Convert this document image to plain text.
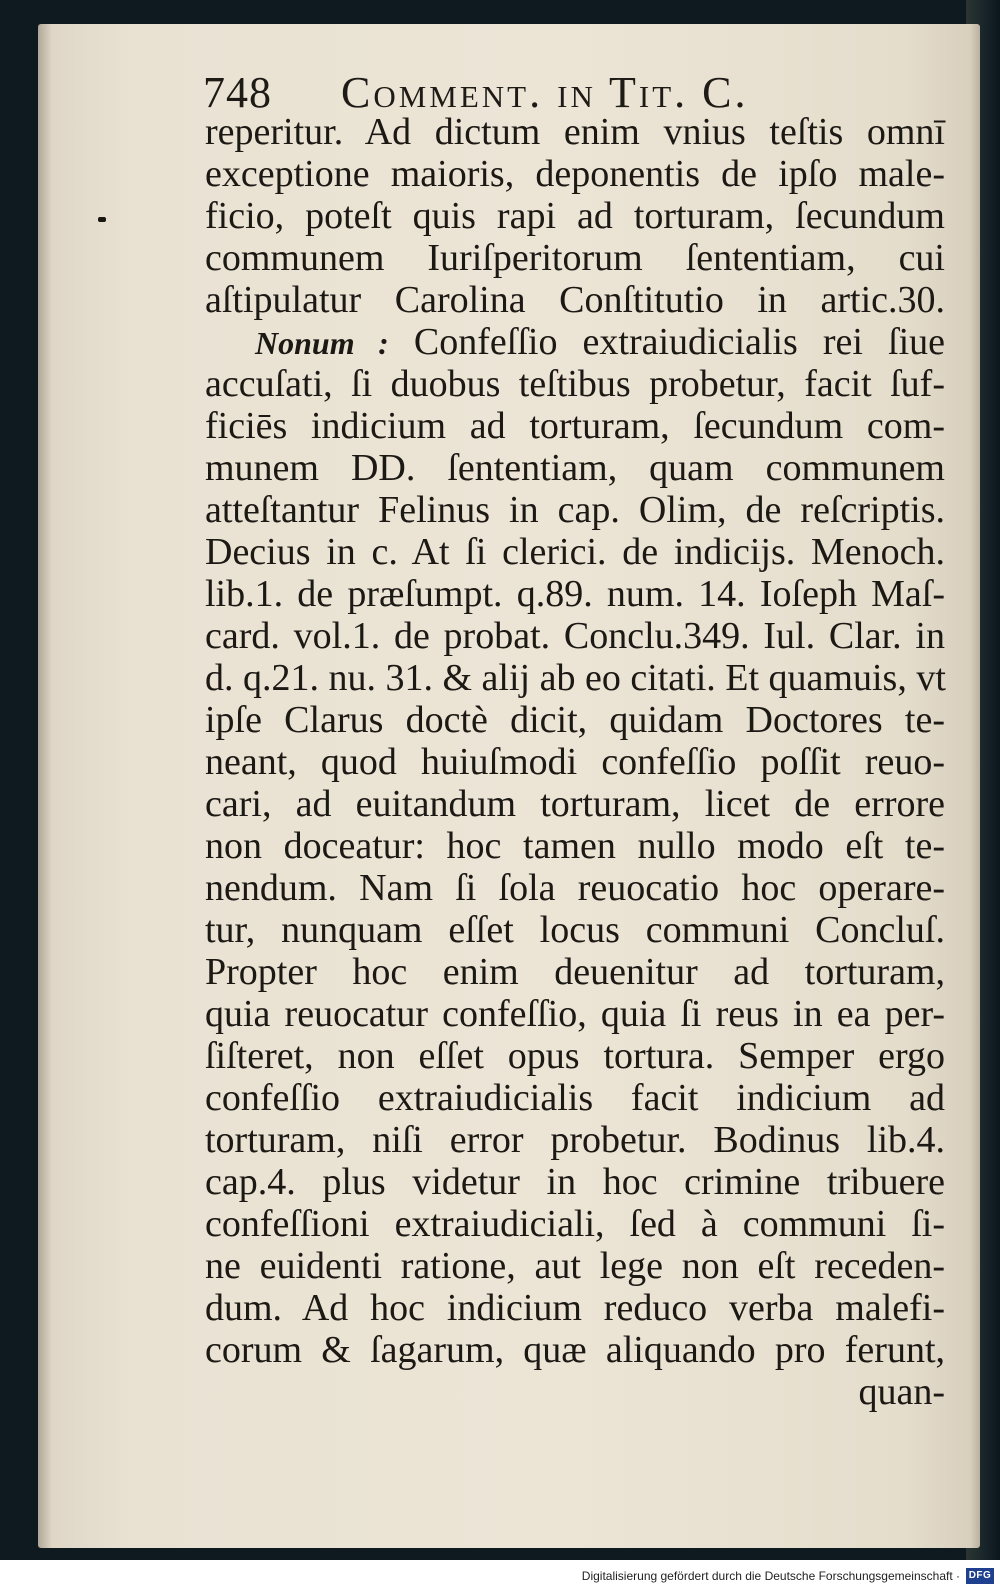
748 Comment. in Tit. C.
reperitur. Ad dictum enim vnius teſtis omnī
exceptione maioris, deponentis de ipſo male-
ficio, poteſt quis rapi ad torturam, ſecundum
communem Iuriſperitorum ſententiam, cui
aſtipulatur Carolina Conſtitutio in artic.30.
Nonum : Confeſſio extraiudicialis rei ſiue
accuſati, ſi duobus teſtibus probetur, facit ſuf-
ficiēs indicium ad torturam, ſecundum com-
munem DD. ſententiam, quam communem
atteſtantur Felinus in cap. Olim, de reſcriptis.
Decius in c. At ſi clerici. de indicijs. Menoch.
lib.1. de præſumpt. q.89. num. 14. Ioſeph Maſ-
card. vol.1. de probat. Conclu.349. Iul. Clar. in
d. q.21. nu. 31. & alij ab eo citati. Et quamuis, vt
ipſe Clarus doctè dicit, quidam Doctores te-
neant, quod huiuſmodi confeſſio poſſit reuo-
cari, ad euitandum torturam, licet de errore
non doceatur: hoc tamen nullo modo eſt te-
nendum. Nam ſi ſola reuocatio hoc operare-
tur, nunquam eſſet locus communi Concluſ.
Propter hoc enim deuenitur ad torturam,
quia reuocatur confeſſio, quia ſi reus in ea per-
ſiſteret, non eſſet opus tortura. Semper ergo
confeſſio extraiudicialis facit indicium ad
torturam, niſi error probetur. Bodinus lib.4.
cap.4. plus videtur in hoc crimine tribuere
confeſſioni extraiudiciali, ſed à communi ſi-
ne euidenti ratione, aut lege non eſt receden-
dum. Ad hoc indicium reduco verba malefi-
corum & ſagarum, quæ aliquando pro ferunt,
quan-
Digitalisierung gefördert durch die Deutsche Forschungsgemeinschaft · DFG
